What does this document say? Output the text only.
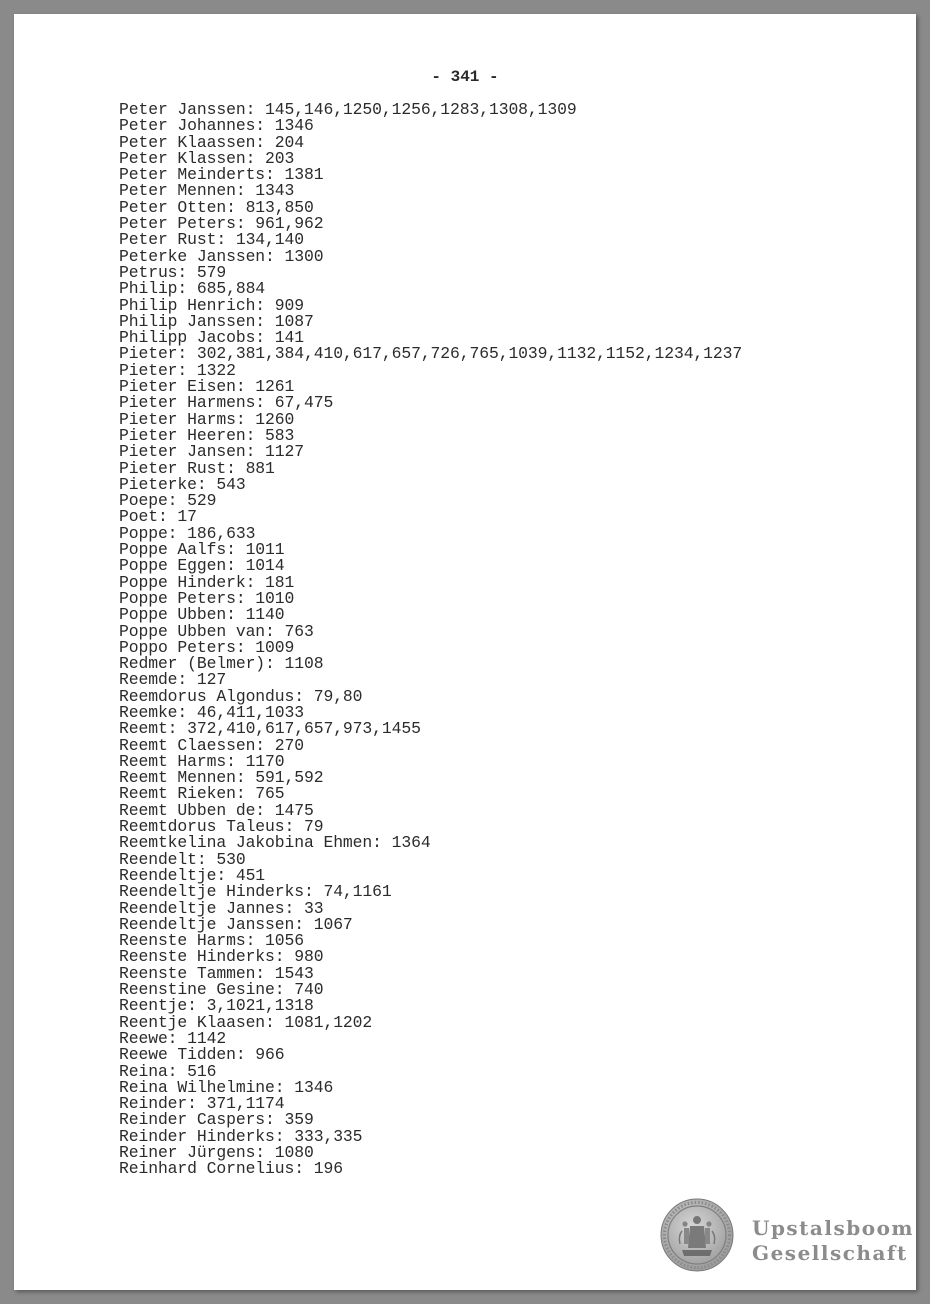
- 341 -
Peter Janssen: 145,146,1250,1256,1283,1308,1309
Peter Johannes: 1346
Peter Klaassen: 204
Peter Klassen: 203
Peter Meinderts: 1381
Peter Mennen: 1343
Peter Otten: 813,850
Peter Peters: 961,962
Peter Rust: 134,140
Peterke Janssen: 1300
Petrus: 579
Philip: 685,884
Philip Henrich: 909
Philip Janssen: 1087
Philipp Jacobs: 141
Pieter: 302,381,384,410,617,657,726,765,1039,1132,1152,1234,1237
Pieter: 1322
Pieter Eisen: 1261
Pieter Harmens: 67,475
Pieter Harms: 1260
Pieter Heeren: 583
Pieter Jansen: 1127
Pieter Rust: 881
Pieterke: 543
Poepe: 529
Poet: 17
Poppe: 186,633
Poppe Aalfs: 1011
Poppe Eggen: 1014
Poppe Hinderk: 181
Poppe Peters: 1010
Poppe Ubben: 1140
Poppe Ubben van: 763
Poppo Peters: 1009
Redmer (Belmer): 1108
Reemde: 127
Reemdorus Algondus: 79,80
Reemke: 46,411,1033
Reemt: 372,410,617,657,973,1455
Reemt Claessen: 270
Reemt Harms: 1170
Reemt Mennen: 591,592
Reemt Rieken: 765
Reemt Ubben de: 1475
Reemtdorus Taleus: 79
Reemtkelina Jakobina Ehmen: 1364
Reendelt: 530
Reendeltje: 451
Reendeltje Hinderks: 74,1161
Reendeltje Jannes: 33
Reendeltje Janssen: 1067
Reenste Harms: 1056
Reenste Hinderks: 980
Reenste Tammen: 1543
Reenstine Gesine: 740
Reentje: 3,1021,1318
Reentje Klaasen: 1081,1202
Reewe: 1142
Reewe Tidden: 966
Reina: 516
Reina Wilhelmine: 1346
Reinder: 371,1174
Reinder Caspers: 359
Reinder Hinderks: 333,335
Reiner Jürgens: 1080
Reinhard Cornelius: 196
Upstalsboom
Gesellschaft
